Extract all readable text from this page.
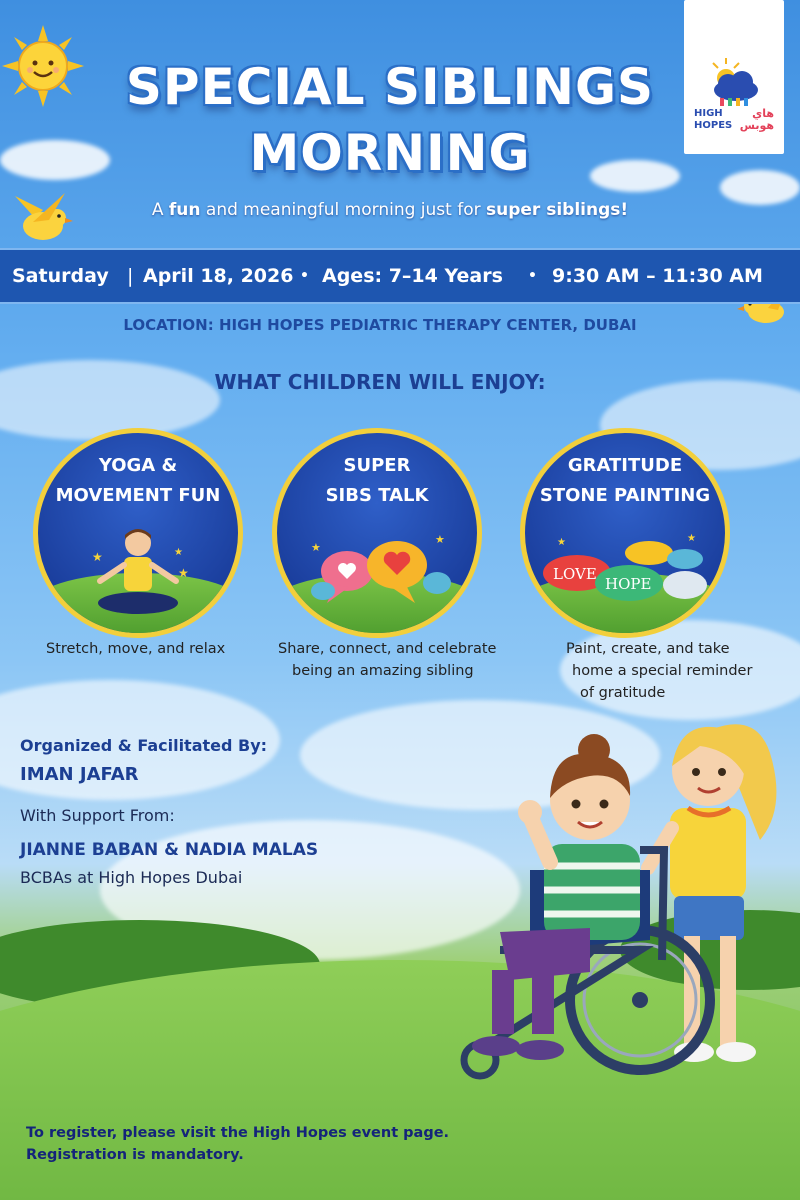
SPECIAL SIBLINGS
MORNING
HIGH
HOPES
هاي
هوبس
A fun and meaningful morning just for super siblings!
Saturday | April 18, 2026 • Ages: 7–14 Years • 9:30 AM – 11:30 AM
LOCATION: HIGH HOPES PEDIATRIC THERAPY CENTER, DUBAI
WHAT CHILDREN WILL ENJOY:
YOGA &
MOVEMENT FUN
★	★
★
SUPER
SIBS TALK
★
★
GRATITUDE
STONE PAINTING
★	★
LOVE
HOPE
Stretch, move, and relax	Share, connect, and celebrate
being an amazing sibling
Paint, create, and take
home a special reminder
of gratitude
Organized & Facilitated By:
IMAN JAFAR
With Support From:
JIANNE BABAN & NADIA MALAS
BCBAs at High Hopes Dubai
To register, please visit the High Hopes event page.
Registration is mandatory.
